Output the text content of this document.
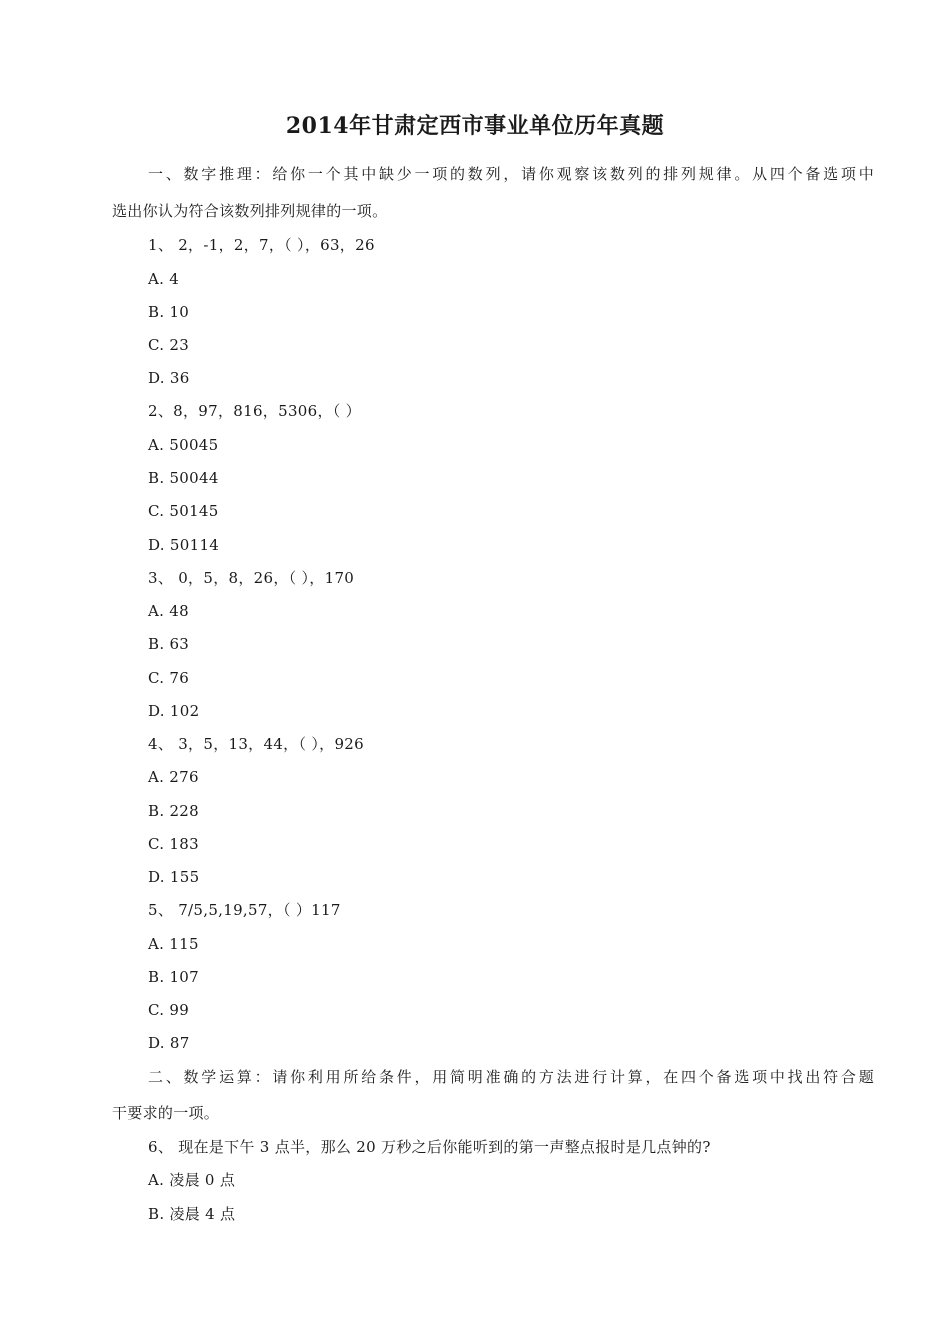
2014年甘肃定西市事业单位历年真题
一、数字推理：给你一个其中缺少一项的数列，请你观察该数列的排列规律。从四个备选项中
选出你认为符合该数列排列规律的一项。
1、 2，-1，2，7，（ ），63，26
A. 4
B. 10
C. 23
D. 36
2、8，97，816，5306，（ ）
A. 50045
B. 50044
C. 50145
D. 50114
3、 0，5，8，26，（ ），170
A. 48
B. 63
C. 76
D. 102
4、 3，5，13，44，（ ），926
A. 276
B. 228
C. 183
D. 155
5、 7/5,5,19,57，（ ）117
A. 115
B. 107
C. 99
D. 87
二、数学运算：请你利用所给条件，用简明准确的方法进行计算，在四个备选项中找出符合题
干要求的一项。
6、 现在是下午 3 点半，那么 20 万秒之后你能听到的第一声整点报时是几点钟的?
A. 凌晨 0 点
B. 凌晨 4 点
